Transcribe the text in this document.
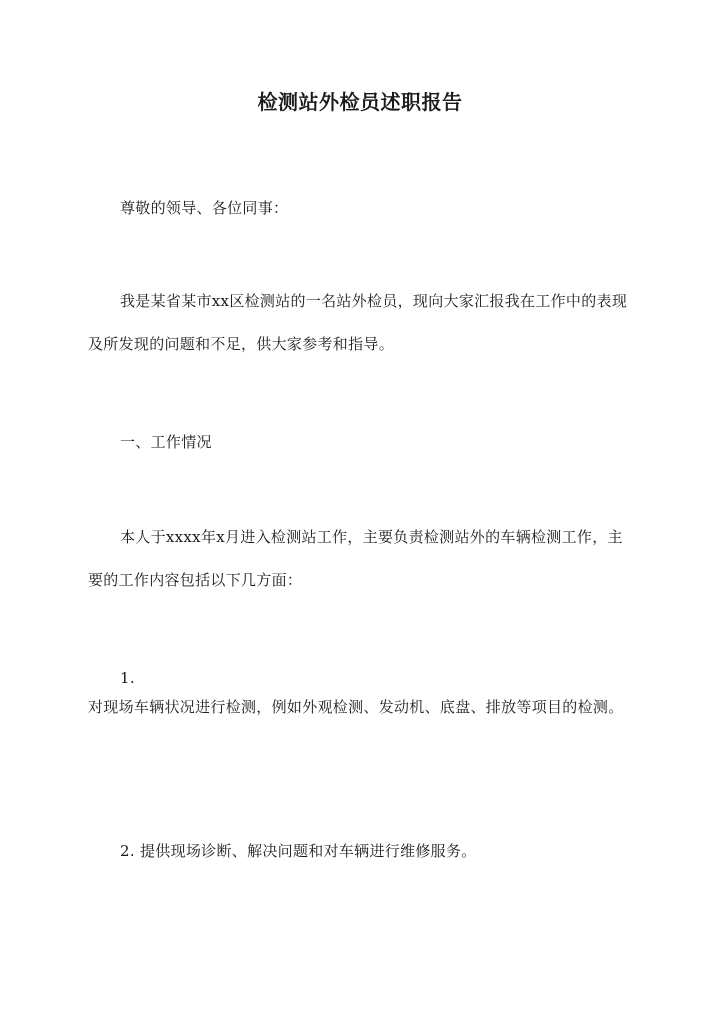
检测站外检员述职报告
尊敬的领导、各位同事：
我是某省某市xx区检测站的一名站外检员，现向大家汇报我在工作中的表现及所发现的问题和不足，供大家参考和指导。
一、工作情况
本人于xxxx年x月进入检测站工作，主要负责检测站外的车辆检测工作，主要的工作内容包括以下几方面：
1.
对现场车辆状况进行检测，例如外观检测、发动机、底盘、排放等项目的检测。
2. 提供现场诊断、解决问题和对车辆进行维修服务。
